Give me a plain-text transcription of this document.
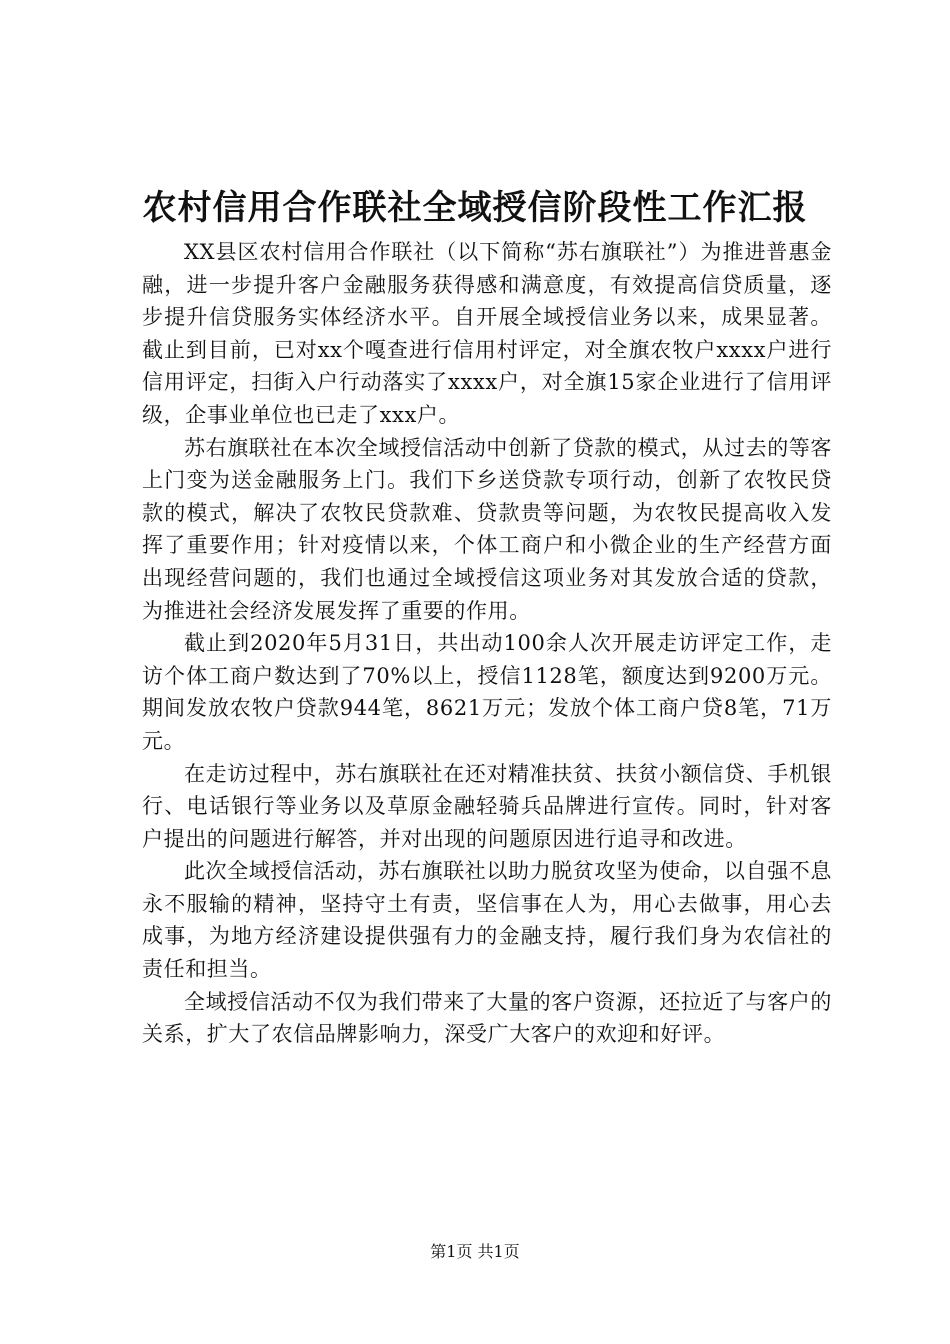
农村信用合作联社全域授信阶段性工作汇报

XX县区农村信用合作联社（以下简称“苏右旗联社”）为推进普惠金融，进一步提升客户金融服务获得感和满意度，有效提高信贷质量，逐步提升信贷服务实体经济水平。自开展全域授信业务以来，成果显著。截止到目前，已对xx个嘎查进行信用村评定，对全旗农牧户xxxx户进行信用评定，扫街入户行动落实了xxxx户，对全旗15家企业进行了信用评级，企事业单位也已走了xxx户。

苏右旗联社在本次全域授信活动中创新了贷款的模式，从过去的等客上门变为送金融服务上门。我们下乡送贷款专项行动，创新了农牧民贷款的模式，解决了农牧民贷款难、贷款贵等问题，为农牧民提高收入发挥了重要作用；针对疫情以来，个体工商户和小微企业的生产经营方面出现经营问题的，我们也通过全域授信这项业务对其发放合适的贷款，为推进社会经济发展发挥了重要的作用。

截止到2020年5月31日，共出动100余人次开展走访评定工作，走访个体工商户数达到了70%以上，授信1128笔，额度达到9200万元。期间发放农牧户贷款944笔，8621万元；发放个体工商户贷8笔，71万元。

在走访过程中，苏右旗联社在还对精准扶贫、扶贫小额信贷、手机银行、电话银行等业务以及草原金融轻骑兵品牌进行宣传。同时，针对客户提出的问题进行解答，并对出现的问题原因进行追寻和改进。

此次全域授信活动，苏右旗联社以助力脱贫攻坚为使命，以自强不息永不服输的精神，坚持守土有责，坚信事在人为，用心去做事，用心去成事，为地方经济建设提供强有力的金融支持，履行我们身为农信社的责任和担当。

全域授信活动不仅为我们带来了大量的客户资源，还拉近了与客户的关系，扩大了农信品牌影响力，深受广大客户的欢迎和好评。

第1页 共1页
